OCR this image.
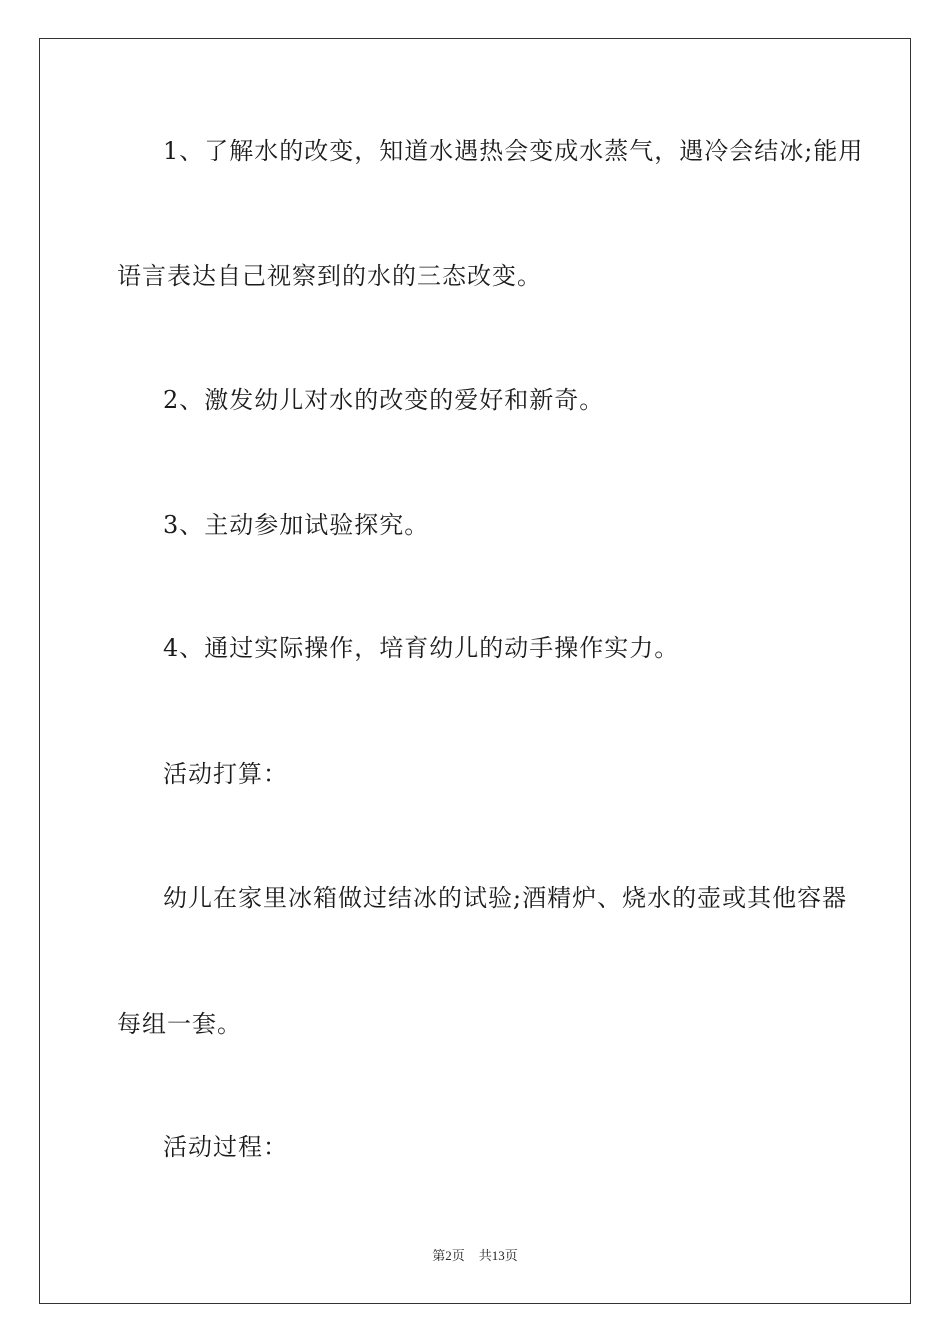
1、了解水的改变，知道水遇热会变成水蒸气，遇冷会结冰;能用
语言表达自己视察到的水的三态改变。
2、激发幼儿对水的改变的爱好和新奇。
3、主动参加试验探究。
4、通过实际操作，培育幼儿的动手操作实力。
活动打算：
幼儿在家里冰箱做过结冰的试验;酒精炉、烧水的壶或其他容器
每组一套。
活动过程：
第2页 共13页
